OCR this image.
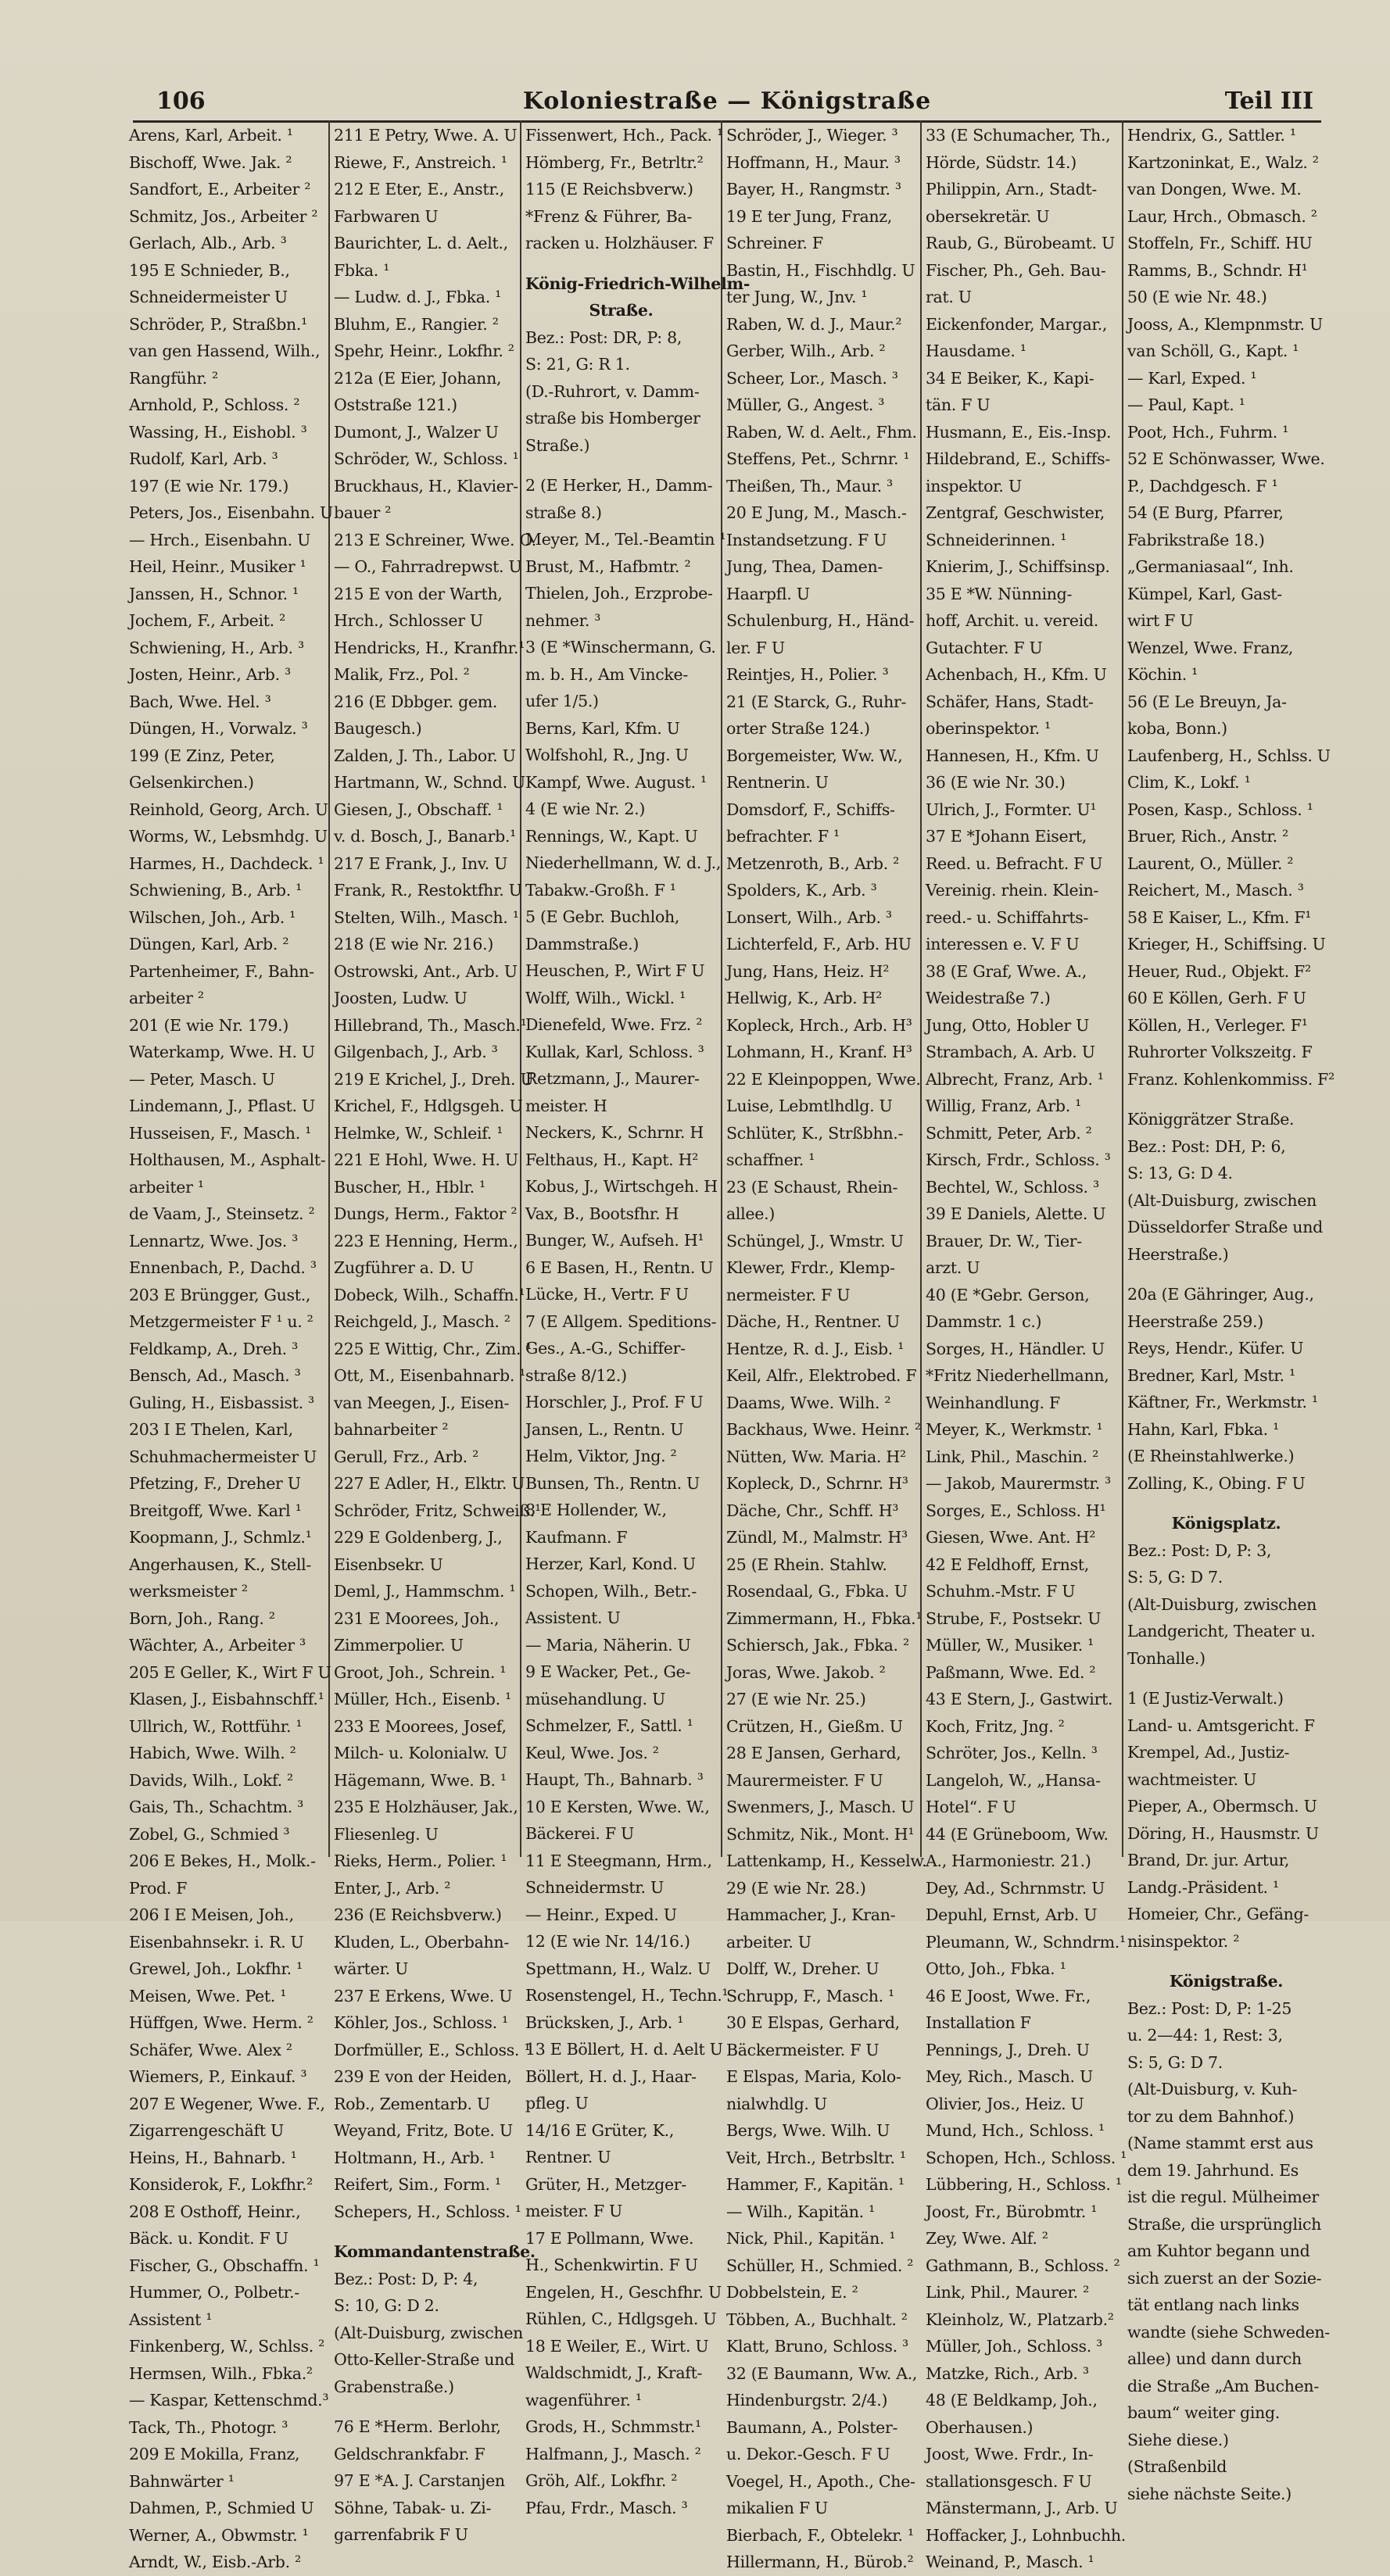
106	Koloniestraße — Königstraße	Teil III
Arens, Karl, Arbeit. ¹
Bischoff, Wwe. Jak. ²
Sandfort, E., Arbeiter ²
Schmitz, Jos., Arbeiter ²
Gerlach, Alb., Arb. ³
195 E Schnieder, B.,
Schneidermeister U
Schröder, P., Straßbn.¹
van gen Hassend, Wilh.,
Rangführ. ²
Arnhold, P., Schloss. ²
Wassing, H., Eishobl. ³
Rudolf, Karl, Arb. ³
197 (E wie Nr. 179.)
Peters, Jos., Eisenbahn. U
— Hrch., Eisenbahn. U
Heil, Heinr., Musiker ¹
Janssen, H., Schnor. ¹
Jochem, F., Arbeit. ²
Schwiening, H., Arb. ³
Josten, Heinr., Arb. ³
Bach, Wwe. Hel. ³
Düngen, H., Vorwalz. ³
199 (E Zinz, Peter,
Gelsenkirchen.)
Reinhold, Georg, Arch. U
Worms, W., Lebsmhdg. U
Harmes, H., Dachdeck. ¹
Schwiening, B., Arb. ¹
Wilschen, Joh., Arb. ¹
Düngen, Karl, Arb. ²
Partenheimer, F., Bahn-
arbeiter ²
201 (E wie Nr. 179.)
Waterkamp, Wwe. H. U
— Peter, Masch. U
Lindemann, J., Pflast. U
Husseisen, F., Masch. ¹
Holthausen, M., Asphalt-
arbeiter ¹
de Vaam, J., Steinsetz. ²
Lennartz, Wwe. Jos. ³
Ennenbach, P., Dachd. ³
203 E Brüngger, Gust.,
Metzgermeister F ¹ u. ²
Feldkamp, A., Dreh. ³
Bensch, Ad., Masch. ³
Guling, H., Eisbassist. ³
203 I E Thelen, Karl,
Schuhmachermeister U
Pfetzing, F., Dreher U
Breitgoff, Wwe. Karl ¹
Koopmann, J., Schmlz.¹
Angerhausen, K., Stell-
werksmeister ²
Born, Joh., Rang. ²
Wächter, A., Arbeiter ³
205 E Geller, K., Wirt F U
Klasen, J., Eisbahnschff.¹
Ullrich, W., Rottführ. ¹
Habich, Wwe. Wilh. ²
Davids, Wilh., Lokf. ²
Gais, Th., Schachtm. ³
Zobel, G., Schmied ³
206 E Bekes, H., Molk.-
Prod. F
206 I E Meisen, Joh.,
Eisenbahnsekr. i. R. U
Grewel, Joh., Lokfhr. ¹
Meisen, Wwe. Pet. ¹
Hüffgen, Wwe. Herm. ²
Schäfer, Wwe. Alex ²
Wiemers, P., Einkauf. ³
207 E Wegener, Wwe. F.,
Zigarrengeschäft U
Heins, H., Bahnarb. ¹
Konsiderok, F., Lokfhr.²
208 E Osthoff, Heinr.,
Bäck. u. Kondit. F U
Fischer, G., Obschaffn. ¹
Hummer, O., Polbetr.-
Assistent ¹
Finkenberg, W., Schlss. ²
Hermsen, Wilh., Fbka.²
— Kaspar, Kettenschmd.³
Tack, Th., Photogr. ³
209 E Mokilla, Franz,
Bahnwärter ¹
Dahmen, P., Schmied U
Werner, A., Obwmstr. ¹
Arndt, W., Eisb.-Arb. ²
211 E Petry, Wwe. A. U
Riewe, F., Anstreich. ¹
212 E Eter, E., Anstr.,
Farbwaren U
Baurichter, L. d. Aelt.,
Fbka. ¹
— Ludw. d. J., Fbka. ¹
Bluhm, E., Rangier. ²
Spehr, Heinr., Lokfhr. ²
212a (E Eier, Johann,
Oststraße 121.)
Dumont, J., Walzer U
Schröder, W., Schloss. ¹
Bruckhaus, H., Klavier-
bauer ²
213 E Schreiner, Wwe. O.
— O., Fahrradrepwst. U
215 E von der Warth,
Hrch., Schlosser U
Hendricks, H., Kranfhr.¹
Malik, Frz., Pol. ²
216 (E Dbbger. gem.
Baugesch.)
Zalden, J. Th., Labor. U
Hartmann, W., Schnd. U
Giesen, J., Obschaff. ¹
v. d. Bosch, J., Banarb.¹
217 E Frank, J., Inv. U
Frank, R., Restoktfhr. U
Stelten, Wilh., Masch. ¹
218 (E wie Nr. 216.)
Ostrowski, Ant., Arb. U
Joosten, Ludw. U
Hillebrand, Th., Masch.¹
Gilgenbach, J., Arb. ³
219 E Krichel, J., Dreh. U
Krichel, F., Hdlgsgeh. U
Helmke, W., Schleif. ¹
221 E Hohl, Wwe. H. U
Buscher, H., Hblr. ¹
Dungs, Herm., Faktor ²
223 E Henning, Herm.,
Zugführer a. D. U
Dobeck, Wilh., Schaffn.¹
Reichgeld, J., Masch. ²
225 E Wittig, Chr., Zim. ¹
Ott, M., Eisenbahnarb. ¹
van Meegen, J., Eisen-
bahnarbeiter ²
Gerull, Frz., Arb. ²
227 E Adler, H., Elktr. U
Schröder, Fritz, Schweiß.¹
229 E Goldenberg, J.,
Eisenbsekr. U
Deml, J., Hammschm. ¹
231 E Moorees, Joh.,
Zimmerpolier. U
Groot, Joh., Schrein. ¹
Müller, Hch., Eisenb. ¹
233 E Moorees, Josef,
Milch- u. Kolonialw. U
Hägemann, Wwe. B. ¹
235 E Holzhäuser, Jak.,
Fliesenleg. U
Rieks, Herm., Polier. ¹
Enter, J., Arb. ²
236 (E Reichsbverw.)
Kluden, L., Oberbahn-
wärter. U
237 E Erkens, Wwe. U
Köhler, Jos., Schloss. ¹
Dorfmüller, E., Schloss. ¹
239 E von der Heiden,
Rob., Zementarb. U
Weyand, Fritz, Bote. U
Holtmann, H., Arb. ¹
Reifert, Sim., Form. ¹
Schepers, H., Schloss. ¹
Kommandantenstraße.
Bez.: Post: D, P: 4,
S: 10, G: D 2.
(Alt-Duisburg, zwischen
Otto-Keller-Straße und
Grabenstraße.)
76 E *Herm. Berlohr,
Geldschrankfabr. F
97 E *A. J. Carstanjen
Söhne, Tabak- u. Zi-
garrenfabrik F U
Fissenwert, Hch., Pack. ¹
Hömberg, Fr., Betrltr.²
115 (E Reichsbverw.)
*Frenz & Führer, Ba-
racken u. Holzhäuser. F
König-Friedrich-Wilhelm-
Straße.
Bez.: Post: DR, P: 8,
S: 21, G: R 1.
(D.-Ruhrort, v. Damm-
straße bis Homberger
Straße.)
2 (E Herker, H., Damm-
straße 8.)
Meyer, M., Tel.-Beamtin ¹
Brust, M., Hafbmtr. ²
Thielen, Joh., Erzprobe-
nehmer. ³
3 (E *Winschermann, G.
m. b. H., Am Vincke-
ufer 1/5.)
Berns, Karl, Kfm. U
Wolfshohl, R., Jng. U
Kampf, Wwe. August. ¹
4 (E wie Nr. 2.)
Rennings, W., Kapt. U
Niederhellmann, W. d. J.,
Tabakw.-Großh. F ¹
5 (E Gebr. Buchloh,
Dammstraße.)
Heuschen, P., Wirt F U
Wolff, Wilh., Wickl. ¹
Dienefeld, Wwe. Frz. ²
Kullak, Karl, Schloss. ³
Retzmann, J., Maurer-
meister. H
Neckers, K., Schrnr. H
Felthaus, H., Kapt. H²
Kobus, J., Wirtschgeh. H
Vax, B., Bootsfhr. H
Bunger, W., Aufseh. H¹
6 E Basen, H., Rentn. U
Lücke, H., Vertr. F U
7 (E Allgem. Speditions-
Ges., A.-G., Schiffer-
straße 8/12.)
Horschler, J., Prof. F U
Jansen, L., Rentn. U
Helm, Viktor, Jng. ²
Bunsen, Th., Rentn. U
8 E Hollender, W.,
Kaufmann. F
Herzer, Karl, Kond. U
Schopen, Wilh., Betr.-
Assistent. U
— Maria, Näherin. U
9 E Wacker, Pet., Ge-
müsehandlung. U
Schmelzer, F., Sattl. ¹
Keul, Wwe. Jos. ²
Haupt, Th., Bahnarb. ³
10 E Kersten, Wwe. W.,
Bäckerei. F U
11 E Steegmann, Hrm.,
Schneidermstr. U
— Heinr., Exped. U
12 (E wie Nr. 14/16.)
Spettmann, H., Walz. U
Rosenstengel, H., Techn.¹
Brücksken, J., Arb. ¹
13 E Böllert, H. d. Aelt U
Böllert, H. d. J., Haar-
pfleg. U
14/16 E Grüter, K.,
Rentner. U
Grüter, H., Metzger-
meister. F U
17 E Pollmann, Wwe.
H., Schenkwirtin. F U
Engelen, H., Geschfhr. U
Rühlen, C., Hdlgsgeh. U
18 E Weiler, E., Wirt. U
Waldschmidt, J., Kraft-
wagenführer. ¹
Grods, H., Schmmstr.¹
Halfmann, J., Masch. ²
Gröh, Alf., Lokfhr. ²
Pfau, Frdr., Masch. ³
Schröder, J., Wieger. ³
Hoffmann, H., Maur. ³
Bayer, H., Rangmstr. ³
19 E ter Jung, Franz,
Schreiner. F
Bastin, H., Fischhdlg. U
ter Jung, W., Jnv. ¹
Raben, W. d. J., Maur.²
Gerber, Wilh., Arb. ²
Scheer, Lor., Masch. ³
Müller, G., Angest. ³
Raben, W. d. Aelt., Fhm.
Steffens, Pet., Schrnr. ¹
Theißen, Th., Maur. ³
20 E Jung, M., Masch.-
Instandsetzung. F U
Jung, Thea, Damen-
Haarpfl. U
Schulenburg, H., Händ-
ler. F U
Reintjes, H., Polier. ³
21 (E Starck, G., Ruhr-
orter Straße 124.)
Borgemeister, Ww. W.,
Rentnerin. U
Domsdorf, F., Schiffs-
befrachter. F ¹
Metzenroth, B., Arb. ²
Spolders, K., Arb. ³
Lonsert, Wilh., Arb. ³
Lichterfeld, F., Arb. HU
Jung, Hans, Heiz. H²
Hellwig, K., Arb. H²
Kopleck, Hrch., Arb. H³
Lohmann, H., Kranf. H³
22 E Kleinpoppen, Wwe.
Luise, Lebmtlhdlg. U
Schlüter, K., Strßbhn.-
schaffner. ¹
23 (E Schaust, Rhein-
allee.)
Schüngel, J., Wmstr. U
Klewer, Frdr., Klemp-
nermeister. F U
Däche, H., Rentner. U
Hentze, R. d. J., Eisb. ¹
Keil, Alfr., Elektrobed. F
Daams, Wwe. Wilh. ²
Backhaus, Wwe. Heinr. ²
Nütten, Ww. Maria. H²
Kopleck, D., Schrnr. H³
Däche, Chr., Schff. H³
Zündl, M., Malmstr. H³
25 (E Rhein. Stahlw.
Rosendaal, G., Fbka. U
Zimmermann, H., Fbka.¹
Schiersch, Jak., Fbka. ²
Joras, Wwe. Jakob. ²
27 (E wie Nr. 25.)
Crützen, H., Gießm. U
28 E Jansen, Gerhard,
Maurermeister. F U
Swenmers, J., Masch. U
Schmitz, Nik., Mont. H¹
Lattenkamp, H., Kesselw.
29 (E wie Nr. 28.)
Hammacher, J., Kran-
arbeiter. U
Dolff, W., Dreher. U
Schrupp, F., Masch. ¹
30 E Elspas, Gerhard,
Bäckermeister. F U
E Elspas, Maria, Kolo-
nialwhdlg. U
Bergs, Wwe. Wilh. U
Veit, Hrch., Betrbsltr. ¹
Hammer, F., Kapitän. ¹
— Wilh., Kapitän. ¹
Nick, Phil., Kapitän. ¹
Schüller, H., Schmied. ²
Dobbelstein, E. ²
Többen, A., Buchhalt. ²
Klatt, Bruno, Schloss. ³
32 (E Baumann, Ww. A.,
Hindenburgstr. 2/4.)
Baumann, A., Polster-
u. Dekor.-Gesch. F U
Voegel, H., Apoth., Che-
mikalien F U
Bierbach, F., Obtelekr. ¹
Hillermann, H., Bürob.²
33 (E Schumacher, Th.,
Hörde, Südstr. 14.)
Philippin, Arn., Stadt-
obersekretär. U
Raub, G., Bürobeamt. U
Fischer, Ph., Geh. Bau-
rat. U
Eickenfonder, Margar.,
Hausdame. ¹
34 E Beiker, K., Kapi-
tän. F U
Husmann, E., Eis.-Insp.
Hildebrand, E., Schiffs-
inspektor. U
Zentgraf, Geschwister,
Schneiderinnen. ¹
Knierim, J., Schiffsinsp.
35 E *W. Nünning-
hoff, Archit. u. vereid.
Gutachter. F U
Achenbach, H., Kfm. U
Schäfer, Hans, Stadt-
oberinspektor. ¹
Hannesen, H., Kfm. U
36 (E wie Nr. 30.)
Ulrich, J., Formter. U¹
37 E *Johann Eisert,
Reed. u. Befracht. F U
Vereinig. rhein. Klein-
reed.- u. Schiffahrts-
interessen e. V. F U
38 (E Graf, Wwe. A.,
Weidestraße 7.)
Jung, Otto, Hobler U
Strambach, A. Arb. U
Albrecht, Franz, Arb. ¹
Willig, Franz, Arb. ¹
Schmitt, Peter, Arb. ²
Kirsch, Frdr., Schloss. ³
Bechtel, W., Schloss. ³
39 E Daniels, Alette. U
Brauer, Dr. W., Tier-
arzt. U
40 (E *Gebr. Gerson,
Dammstr. 1 c.)
Sorges, H., Händler. U
*Fritz Niederhellmann,
Weinhandlung. F
Meyer, K., Werkmstr. ¹
Link, Phil., Maschin. ²
— Jakob, Maurermstr. ³
Sorges, E., Schloss. H¹
Giesen, Wwe. Ant. H²
42 E Feldhoff, Ernst,
Schuhm.-Mstr. F U
Strube, F., Postsekr. U
Müller, W., Musiker. ¹
Paßmann, Wwe. Ed. ²
43 E Stern, J., Gastwirt.
Koch, Fritz, Jng. ²
Schröter, Jos., Kelln. ³
Langeloh, W., „Hansa-
Hotel“. F U
44 (E Grüneboom, Ww.
A., Harmoniestr. 21.)
Dey, Ad., Schrnmstr. U
Depuhl, Ernst, Arb. U
Pleumann, W., Schndrm.¹
Otto, Joh., Fbka. ¹
46 E Joost, Wwe. Fr.,
Installation F
Pennings, J., Dreh. U
Mey, Rich., Masch. U
Olivier, Jos., Heiz. U
Mund, Hch., Schloss. ¹
Schopen, Hch., Schloss. ¹
Lübbering, H., Schloss. ¹
Joost, Fr., Bürobmtr. ¹
Zey, Wwe. Alf. ²
Gathmann, B., Schloss. ²
Link, Phil., Maurer. ²
Kleinholz, W., Platzarb.²
Müller, Joh., Schloss. ³
Matzke, Rich., Arb. ³
48 (E Beldkamp, Joh.,
Oberhausen.)
Joost, Wwe. Frdr., In-
stallationsgesch. F U
Mänstermann, J., Arb. U
Hoffacker, J., Lohnbuchh.
Weinand, P., Masch. ¹
Hendrix, G., Sattler. ¹
Kartzoninkat, E., Walz. ²
van Dongen, Wwe. M.
Laur, Hrch., Obmasch. ²
Stoffeln, Fr., Schiff. HU
Ramms, B., Schndr. H¹
50 (E wie Nr. 48.)
Jooss, A., Klempnmstr. U
van Schöll, G., Kapt. ¹
— Karl, Exped. ¹
— Paul, Kapt. ¹
Poot, Hch., Fuhrm. ¹
52 E Schönwasser, Wwe.
P., Dachdgesch. F ¹
54 (E Burg, Pfarrer,
Fabrikstraße 18.)
„Germaniasaal“, Inh.
Kümpel, Karl, Gast-
wirt F U
Wenzel, Wwe. Franz,
Köchin. ¹
56 (E Le Breuyn, Ja-
koba, Bonn.)
Laufenberg, H., Schlss. U
Clim, K., Lokf. ¹
Posen, Kasp., Schloss. ¹
Bruer, Rich., Anstr. ²
Laurent, O., Müller. ²
Reichert, M., Masch. ³
58 E Kaiser, L., Kfm. F¹
Krieger, H., Schiffsing. U
Heuer, Rud., Objekt. F²
60 E Köllen, Gerh. F U
Köllen, H., Verleger. F¹
Ruhrorter Volkszeitg. F
Franz. Kohlenkommiss. F²
Königgrätzer Straße.
Bez.: Post: DH, P: 6,
S: 13, G: D 4.
(Alt-Duisburg, zwischen
Düsseldorfer Straße und
Heerstraße.)
20a (E Gähringer, Aug.,
Heerstraße 259.)
Reys, Hendr., Küfer. U
Bredner, Karl, Mstr. ¹
Käftner, Fr., Werkmstr. ¹
Hahn, Karl, Fbka. ¹
(E Rheinstahlwerke.)
Zolling, K., Obing. F U
Königsplatz.
Bez.: Post: D, P: 3,
S: 5, G: D 7.
(Alt-Duisburg, zwischen
Landgericht, Theater u.
Tonhalle.)
1 (E Justiz-Verwalt.)
Land- u. Amtsgericht. F
Krempel, Ad., Justiz-
wachtmeister. U
Pieper, A., Obermsch. U
Döring, H., Hausmstr. U
Brand, Dr. jur. Artur,
Landg.-Präsident. ¹
Homeier, Chr., Gefäng-
nisinspektor. ²
Königstraße.
Bez.: Post: D, P: 1-25
u. 2—44: 1, Rest: 3,
S: 5, G: D 7.
(Alt-Duisburg, v. Kuh-
tor zu dem Bahnhof.)
(Name stammt erst aus
dem 19. Jahrhund. Es
ist die regul. Mülheimer
Straße, die ursprünglich
am Kuhtor begann und
sich zuerst an der Sozie-
tät entlang nach links
wandte (siehe Schweden-
allee) und dann durch
die Straße „Am Buchen-
baum“ weiter ging.
Siehe diese.)
(Straßenbild
siehe nächste Seite.)
